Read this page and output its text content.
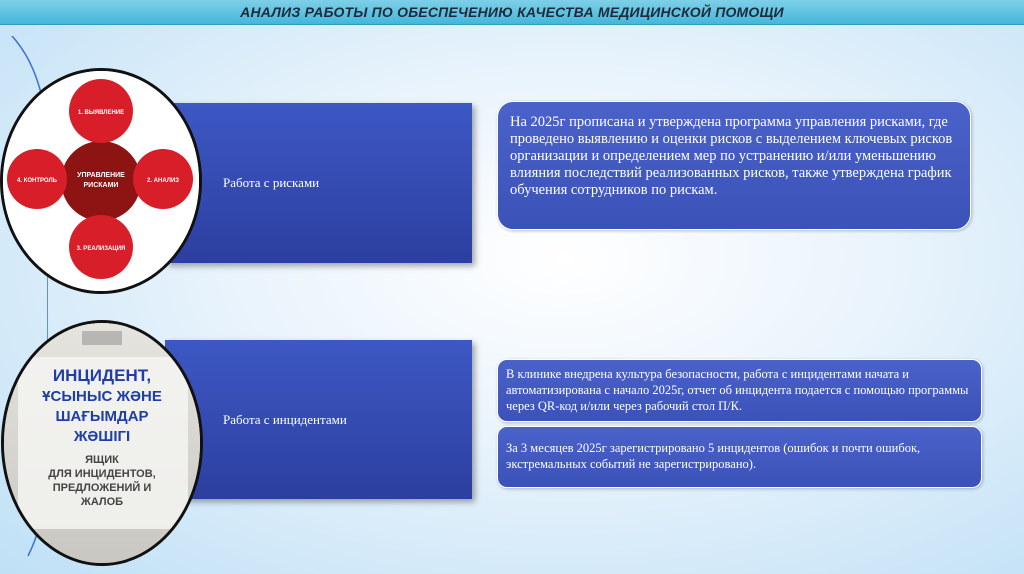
АНАЛИЗ РАБОТЫ ПО ОБЕСПЕЧЕНИЮ КАЧЕСТВА МЕДИЦИНСКОЙ ПОМОЩИ
Работа с рисками
УПРАВЛЕНИЕ
РИСКАМИ
1. ВЫЯВЛЕНИЕ
2. АНАЛИЗ
3. РЕАЛИЗАЦИЯ
4. КОНТРОЛЬ

На 2025г прописана и утверждена программа управления рисками, где проведено выявлению и оценки рисков с выделением ключевых рисков организации и определением мер по устранению и/или уменьшению влияния последствий реализованных рисков, также утверждена график обучения сотрудников по рискам.

Работа с инцидентами
ИНЦИДЕНТ,
ҰСЫНЫС ЖӘНЕ
ШАҒЫМДАР
ЖӘШІГІ
ЯЩИК
ДЛЯ ИНЦИДЕНТОВ,
ПРЕДЛОЖЕНИЙ И
ЖАЛОБ

В клинике внедрена культура безопасности, работа с инцидентами начата и автоматизирована с начало 2025г, отчет об инцидента подается с помощью программы через QR-код и/или через рабочий стол П/К.

За 3 месяцев 2025г зарегистрировано 5 инцидентов (ошибок и почти ошибок, экстремальных событий не зарегистрировано).
